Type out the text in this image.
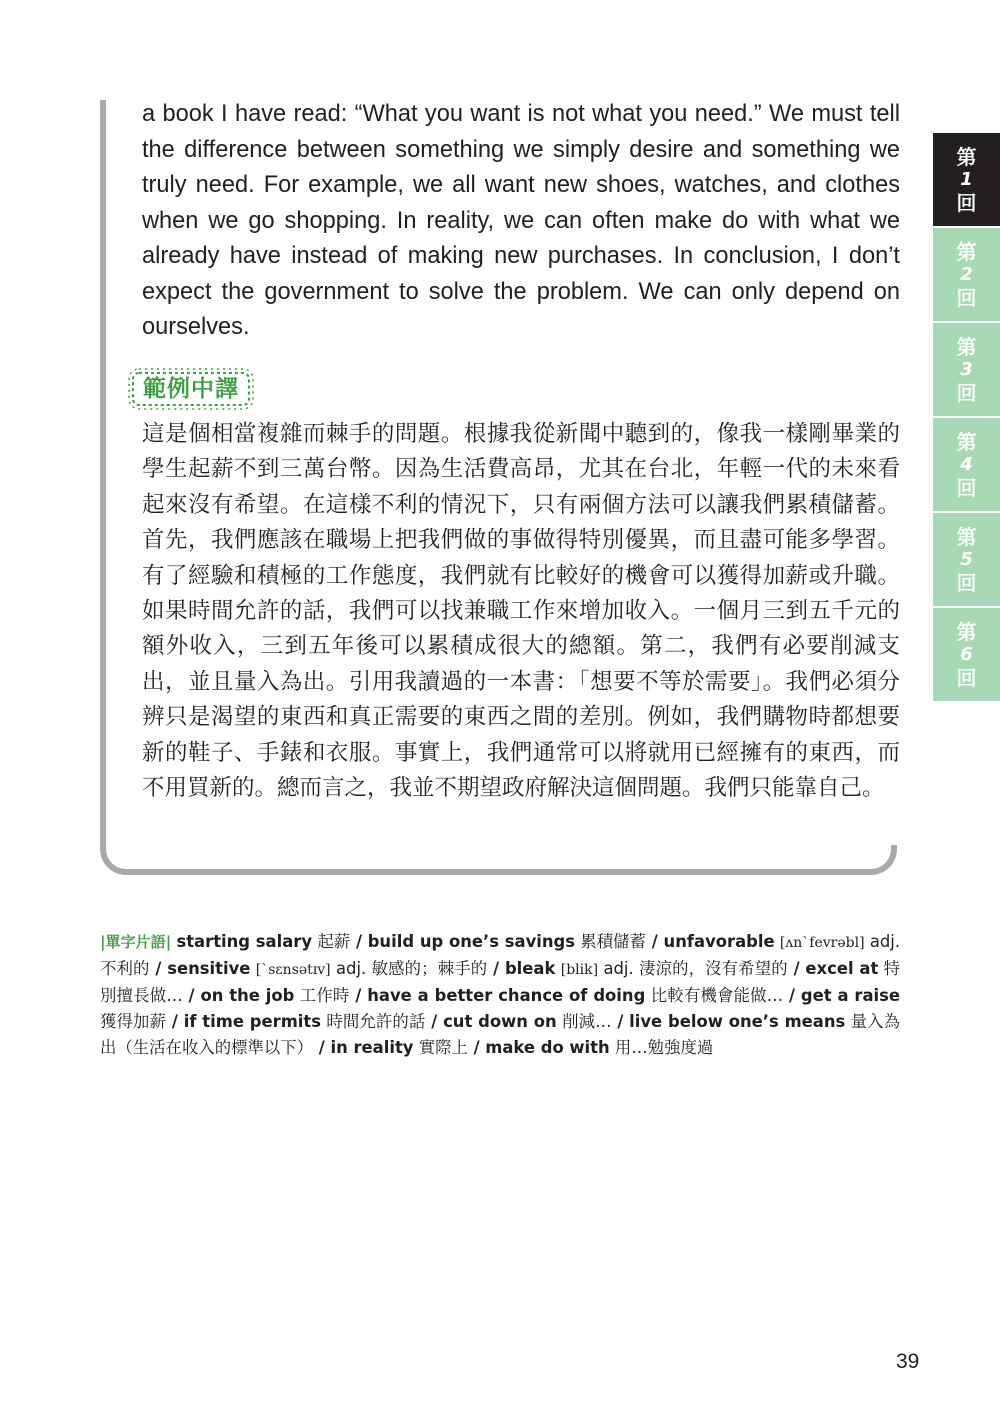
a book I have read: “What you want is not what you need.” We must tell the difference between something we simply desire and something we truly need. For example, we all want new shoes, watches, and clothes when we go shopping. In reality, we can often make do with what we already have instead of making new purchases. In conclusion, I don’t expect the government to solve the problem. We can only depend on ourselves.

範例中譯

這是個相當複雜而棘手的問題。根據我從新聞中聽到的，像我一樣剛畢業的學生起薪不到三萬台幣。因為生活費高昂，尤其在台北，年輕一代的未來看起來沒有希望。在這樣不利的情況下，只有兩個方法可以讓我們累積儲蓄。首先，我們應該在職場上把我們做的事做得特別優異，而且盡可能多學習。有了經驗和積極的工作態度，我們就有比較好的機會可以獲得加薪或升職。如果時間允許的話，我們可以找兼職工作來增加收入。一個月三到五千元的額外收入，三到五年後可以累積成很大的總額。第二，我們有必要削減支出，並且量入為出。引用我讀過的一本書：「想要不等於需要」。我們必須分辨只是渴望的東西和真正需要的東西之間的差別。例如，我們購物時都想要新的鞋子、手錶和衣服。事實上，我們通常可以將就用已經擁有的東西，而不用買新的。總而言之，我並不期望政府解決這個問題。我們只能靠自己。

|單字片語| starting salary 起薪 / build up one’s savings 累積儲蓄 / unfavorable [ʌn`fevrəbl] adj. 不利的 / sensitive [`sɛnsətɪv] adj. 敏感的；棘手的 / bleak [blik] adj. 淒涼的，沒有希望的 / excel at 特別擅長做… / on the job 工作時 / have a better chance of doing 比較有機會能做… / get a raise 獲得加薪 / if time permits 時間允許的話 / cut down on 削減… / live below one’s means 量入為出（生活在收入的標準以下） / in reality 實際上 / make do with 用…勉強度過

第
1
回
第
2
回
第
3
回
第
4
回
第
5
回
第
6
回
39
